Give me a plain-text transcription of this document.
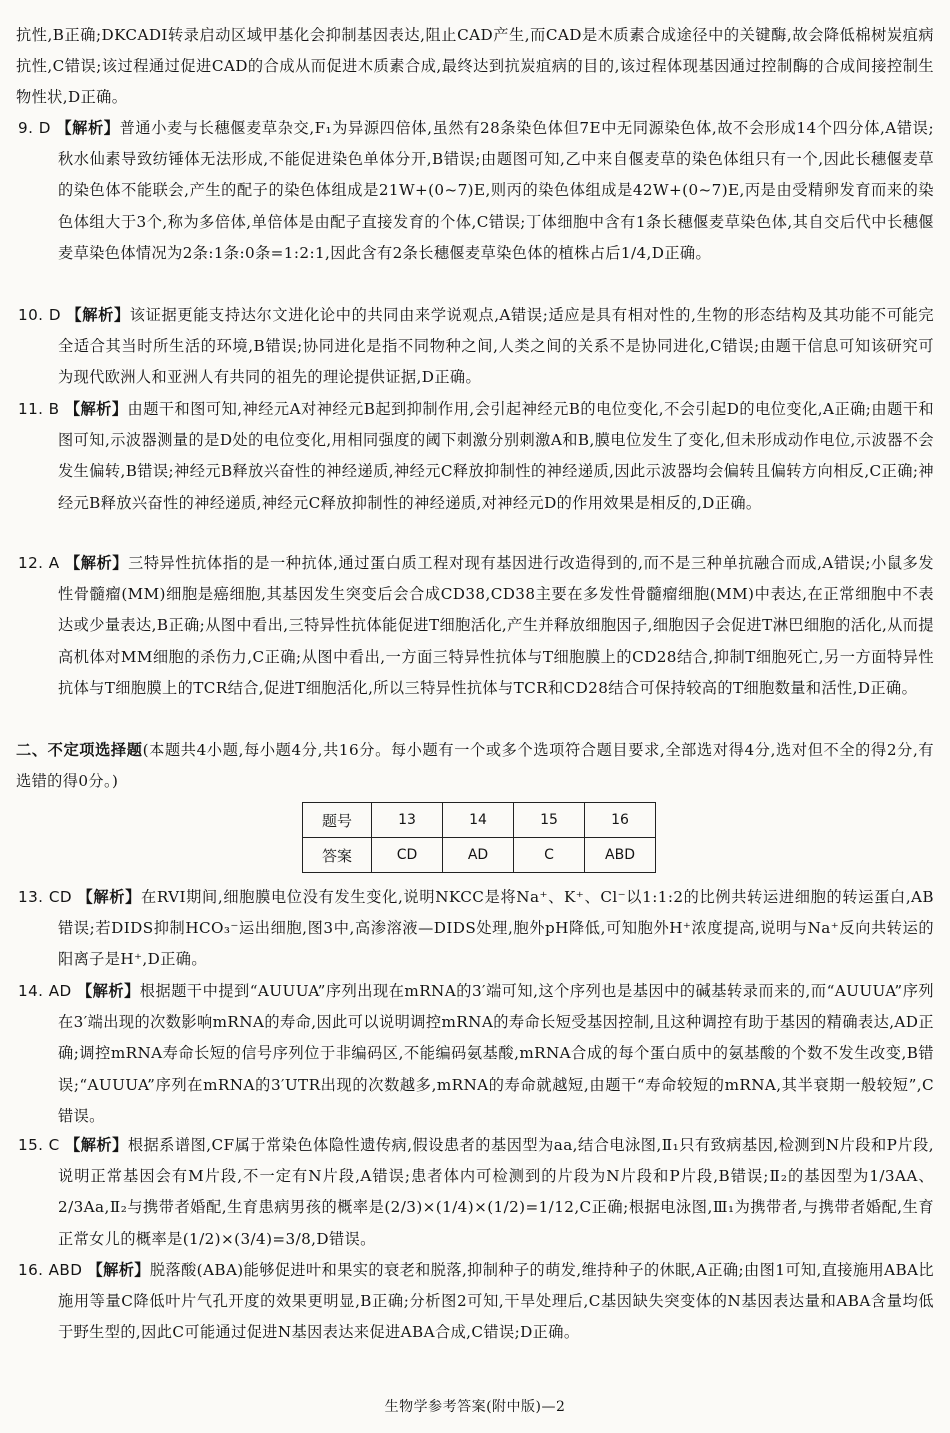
抗性,B正确;DKCADI转录启动区域甲基化会抑制基因表达,阻止CAD产生,而CAD是木质素合成途径中的关键酶,故会降低棉树炭疽病抗性,C错误;该过程通过促进CAD的合成从而促进木质素合成,最终达到抗炭疽病的目的,该过程体现基因通过控制酶的合成间接控制生物性状,D正确。

9. D 【解析】普通小麦与长穗偃麦草杂交,F₁为异源四倍体,虽然有28条染色体但7E中无同源染色体,故不会形成14个四分体,A错误;秋水仙素导致纺锤体无法形成,不能促进染色单体分开,B错误;由题图可知,乙中来自偃麦草的染色体组只有一个,因此长穗偃麦草的染色体不能联会,产生的配子的染色体组成是21W+(0~7)E,则丙的染色体组成是42W+(0~7)E,丙是由受精卵发育而来的染色体组大于3个,称为多倍体,单倍体是由配子直接发育的个体,C错误;丁体细胞中含有1条长穗偃麦草染色体,其自交后代中长穗偃麦草染色体情况为2条:1条:0条=1:2:1,因此含有2条长穗偃麦草染色体的植株占后1/4,D正确。

10. D 【解析】该证据更能支持达尔文进化论中的共同由来学说观点,A错误;适应是具有相对性的,生物的形态结构及其功能不可能完全适合其当时所生活的环境,B错误;协同进化是指不同物种之间,人类之间的关系不是协同进化,C错误;由题干信息可知该研究可为现代欧洲人和亚洲人有共同的祖先的理论提供证据,D正确。

11. B 【解析】由题干和图可知,神经元A对神经元B起到抑制作用,会引起神经元B的电位变化,不会引起D的电位变化,A正确;由题干和图可知,示波器测量的是D处的电位变化,用相同强度的阈下刺激分别刺激A和B,膜电位发生了变化,但未形成动作电位,示波器不会发生偏转,B错误;神经元B释放兴奋性的神经递质,神经元C释放抑制性的神经递质,因此示波器均会偏转且偏转方向相反,C正确;神经元B释放兴奋性的神经递质,神经元C释放抑制性的神经递质,对神经元D的作用效果是相反的,D正确。

12. A 【解析】三特异性抗体指的是一种抗体,通过蛋白质工程对现有基因进行改造得到的,而不是三种单抗融合而成,A错误;小鼠多发性骨髓瘤(MM)细胞是癌细胞,其基因发生突变后会合成CD38,CD38主要在多发性骨髓瘤细胞(MM)中表达,在正常细胞中不表达或少量表达,B正确;从图中看出,三特异性抗体能促进T细胞活化,产生并释放细胞因子,细胞因子会促进T淋巴细胞的活化,从而提高机体对MM细胞的杀伤力,C正确;从图中看出,一方面三特异性抗体与T细胞膜上的CD28结合,抑制T细胞死亡,另一方面特异性抗体与T细胞膜上的TCR结合,促进T细胞活化,所以三特异性抗体与TCR和CD28结合可保持较高的T细胞数量和活性,D正确。

二、不定项选择题(本题共4小题,每小题4分,共16分。每小题有一个或多个选项符合题目要求,全部选对得4分,选对但不全的得2分,有选错的得0分。)

题号	13	14	15	16
答案	CD	AD	C	ABD

13. CD 【解析】在RVI期间,细胞膜电位没有发生变化,说明NKCC是将Na⁺、K⁺、Cl⁻以1:1:2的比例共转运进细胞的转运蛋白,AB错误;若DIDS抑制HCO₃⁻运出细胞,图3中,高渗溶液—DIDS处理,胞外pH降低,可知胞外H⁺浓度提高,说明与Na⁺反向共转运的阳离子是H⁺,D正确。

14. AD 【解析】根据题干中提到“AUUUA”序列出现在mRNA的3′端可知,这个序列也是基因中的碱基转录而来的,而“AUUUA”序列在3′端出现的次数影响mRNA的寿命,因此可以说明调控mRNA的寿命长短受基因控制,且这种调控有助于基因的精确表达,AD正确;调控mRNA寿命长短的信号序列位于非编码区,不能编码氨基酸,mRNA合成的每个蛋白质中的氨基酸的个数不发生改变,B错误;“AUUUA”序列在mRNA的3′UTR出现的次数越多,mRNA的寿命就越短,由题干“寿命较短的mRNA,其半衰期一般较短”,C错误。

15. C 【解析】根据系谱图,CF属于常染色体隐性遗传病,假设患者的基因型为aa,结合电泳图,Ⅱ₁只有致病基因,检测到N片段和P片段,说明正常基因会有M片段,不一定有N片段,A错误;患者体内可检测到的片段为N片段和P片段,B错误;Ⅱ₂的基因型为1/3AA、2/3Aa,Ⅱ₂与携带者婚配,生育患病男孩的概率是(2/3)×(1/4)×(1/2)=1/12,C正确;根据电泳图,Ⅲ₁为携带者,与携带者婚配,生育正常女儿的概率是(1/2)×(3/4)=3/8,D错误。

16. ABD 【解析】脱落酸(ABA)能够促进叶和果实的衰老和脱落,抑制种子的萌发,维持种子的休眠,A正确;由图1可知,直接施用ABA比施用等量C降低叶片气孔开度的效果更明显,B正确;分析图2可知,干旱处理后,C基因缺失突变体的N基因表达量和ABA含量均低于野生型的,因此C可能通过促进N基因表达来促进ABA合成,C错误;D正确。

生物学参考答案(附中版)—2
